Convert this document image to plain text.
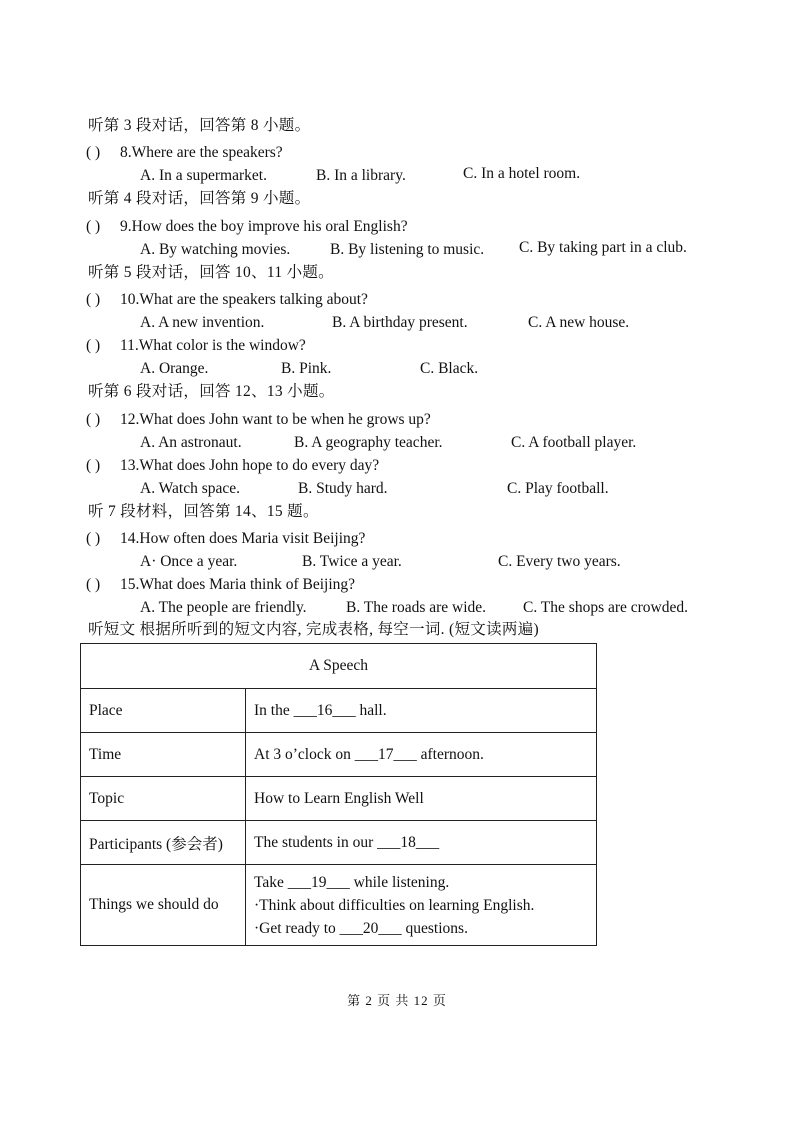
听第 3 段对话，回答第 8 小题。
( ) 8.Where are the speakers?
A. In a supermarket.	B. In a library.	C. In a hotel room.
听第 4 段对话，回答第 9 小题。
( ) 9.How does the boy improve his oral English?
A. By watching movies.	B. By listening to music. C. By taking part in a club.
听第 5 段对话，回答 10、11 小题。
( ) 10.What are the speakers talking about?
A. A new invention.	B. A birthday present.	C. A new house.
( ) 11.What color is the window?
A. Orange.	B. Pink.	C. Black.
听第 6 段对话，回答 12、13 小题。
( ) 12.What does John want to be when he grows up?
A. An astronaut.	B. A geography teacher.	C. A football player.
( ) 13.What does John hope to do every day?
A. Watch space.	B. Study hard.	C. Play football.
听 7 段材料，回答第 14、15 题。
( ) 14.How often does Maria visit Beijing?
A· Once a year.	B. Twice a year.	C. Every two years.
( ) 15.What does Maria think of Beijing?
A. The people are friendly.	B. The roads are wide. C. The shops are crowded.
听短文 根据所听到的短文内容, 完成表格, 每空一词. (短文读两遍)
A Speech	
Place	In the ___16___ hall.
Time	At 3 o’clock on ___17___ afternoon.
Topic	How to Learn English Well
Participants (参会者)	The students in our ___18___
Things we should do	Take ___19___ while listening.
·Think about difficulties on learning English.
·Get ready to ___20___ questions.
第 2 页 共 12 页
